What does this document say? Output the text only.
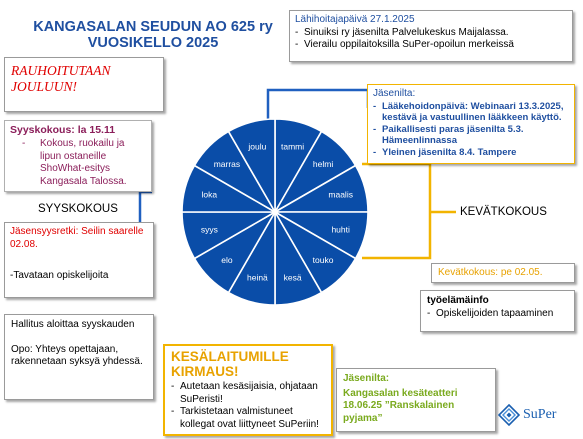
KANGASALAN SEUDUN AO 625 ry
VUOSIKELLO 2025
RAUHOITUTAAN JOULUUN!
Lähihoitajapäivä 27.1.2025
- Sinuiksi ry jäsenilta Palvelukeskus Maijalassa.
- Vierailu oppilaitoksilla SuPer-opoilun merkeissä
Syyskokous: la 15.11
- Kokous, ruokailu ja lipun ostaneille ShoWhat-esitys Kangasala Talossa.
SYYSKOKOUS
Jäsenilta:
- Lääkehoidonpäivä: Webinaari 13.3.2025, kestävä ja vastuullinen lääkkeen käyttö.
- Paikallisesti paras jäsenilta 5.3. Hämeenlinnassa
- Yleinen jäsenilta 8.4. Tampere
KEVÄTKOKOUS
Jäsensyysretki: Seilin saarelle 02.08.
-Tavataan opiskelijoita	Kevätkokous: pe 02.05.
työelämäinfo
- Opiskelijoiden tapaaminen
Hallitus aloittaa syyskauden
Opo: Yhteys opettajaan, rakennetaan syksyä yhdessä.	KESÄLAITUMILLE KIRMAUS!
- Autetaan kesäsijaisia, ohjataan SuPeristi!
- Tarkistetaan valmistuneet kollegat ovat liittyneet SuPeriin!
Jäsenilta:
Kangasalan kesäteatteri 18.06.25 ”Ranskalainen pyjama”	SuPer
tammi
helmi
maalis
huhti
touko
kesä
heinä
elo
syys
loka
marras
joulu
